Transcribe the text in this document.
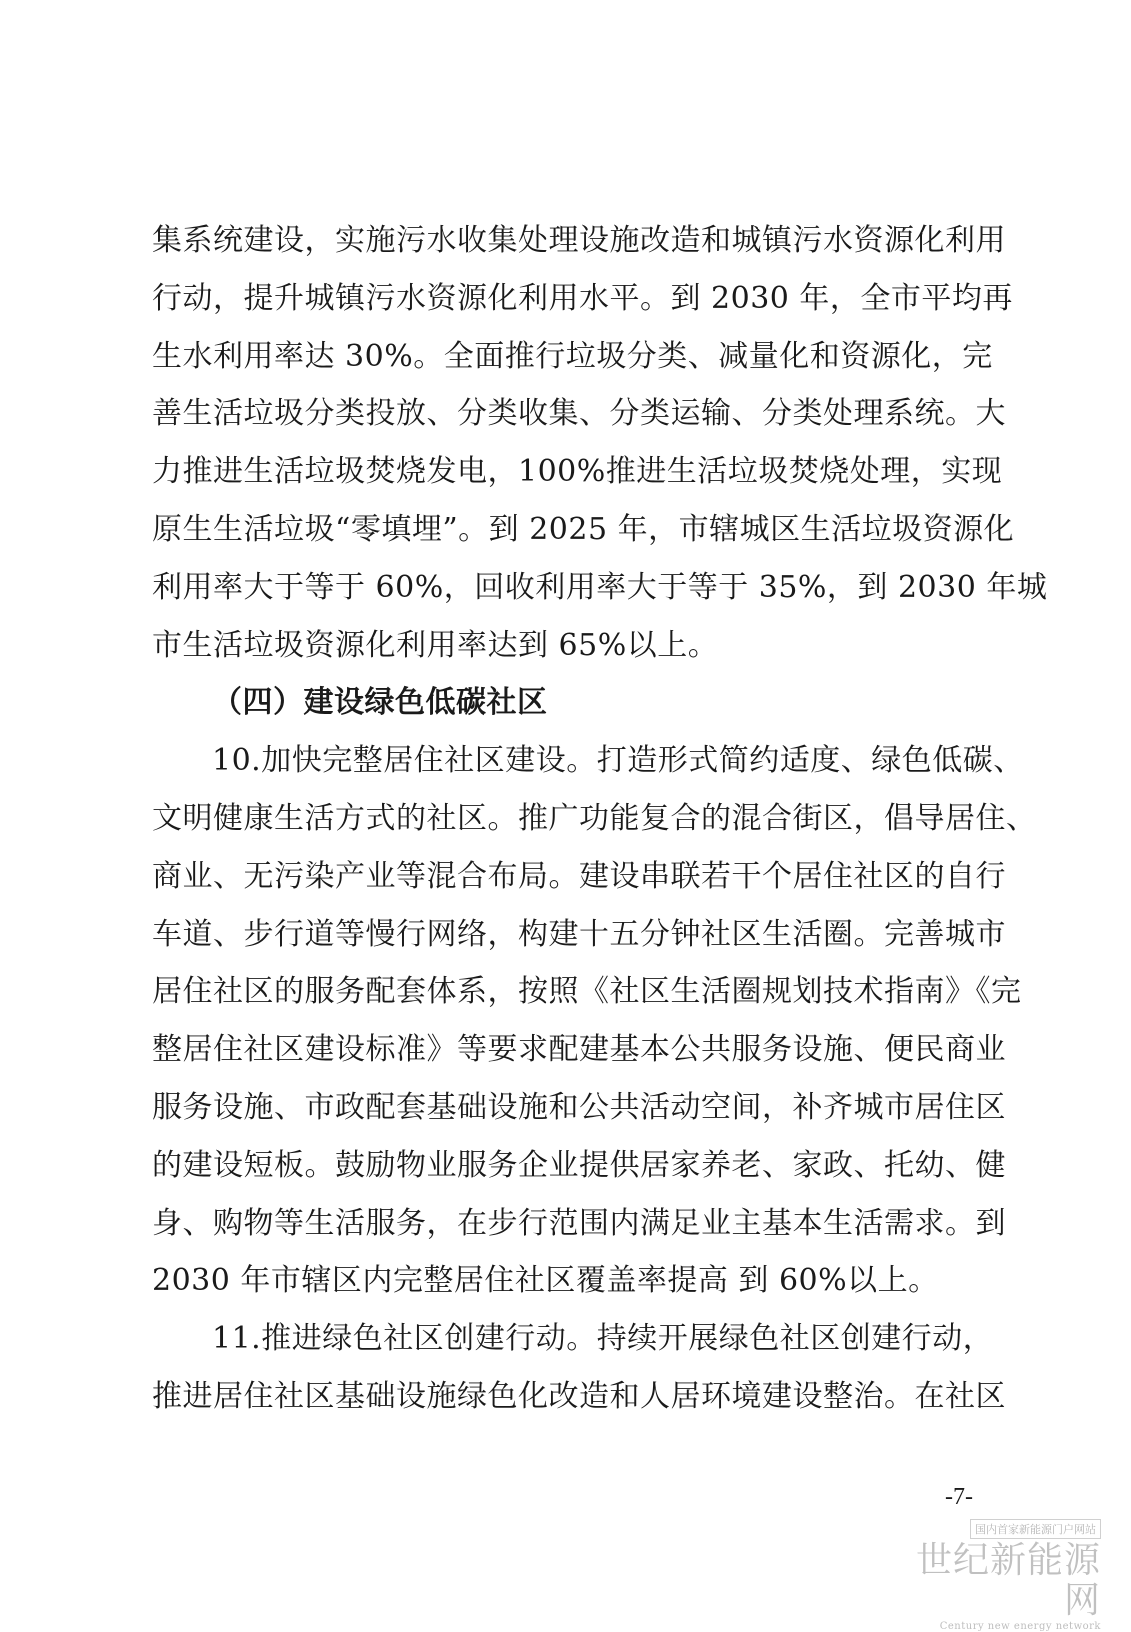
集系统建设，实施污水收集处理设施改造和城镇污水资源化利用
行动，提升城镇污水资源化利用水平。到 2030 年，全市平均再
生水利用率达 30%。全面推行垃圾分类、减量化和资源化，完
善生活垃圾分类投放、分类收集、分类运输、分类处理系统。大
力推进生活垃圾焚烧发电，100%推进生活垃圾焚烧处理，实现
原生生活垃圾“零填埋”。到 2025 年，市辖城区生活垃圾资源化
利用率大于等于 60%，回收利用率大于等于 35%，到 2030 年城
市生活垃圾资源化利用率达到 65%以上。
（四）建设绿色低碳社区
10.加快完整居住社区建设。打造形式简约适度、绿色低碳、
文明健康生活方式的社区。推广功能复合的混合街区，倡导居住、
商业、无污染产业等混合布局。建设串联若干个居住社区的自行
车道、步行道等慢行网络，构建十五分钟社区生活圈。完善城市
居住社区的服务配套体系，按照《社区生活圈规划技术指南》《完
整居住社区建设标准》等要求配建基本公共服务设施、便民商业
服务设施、市政配套基础设施和公共活动空间，补齐城市居住区
的建设短板。鼓励物业服务企业提供居家养老、家政、托幼、健
身、购物等生活服务，在步行范围内满足业主基本生活需求。到
2030 年市辖区内完整居住社区覆盖率提高 到 60%以上。
11.推进绿色社区创建行动。持续开展绿色社区创建行动，
推进居住社区基础设施绿色化改造和人居环境建设整治。在社区
-7-
国内首家新能源门户网站
世纪新能源网
Century new energy network
